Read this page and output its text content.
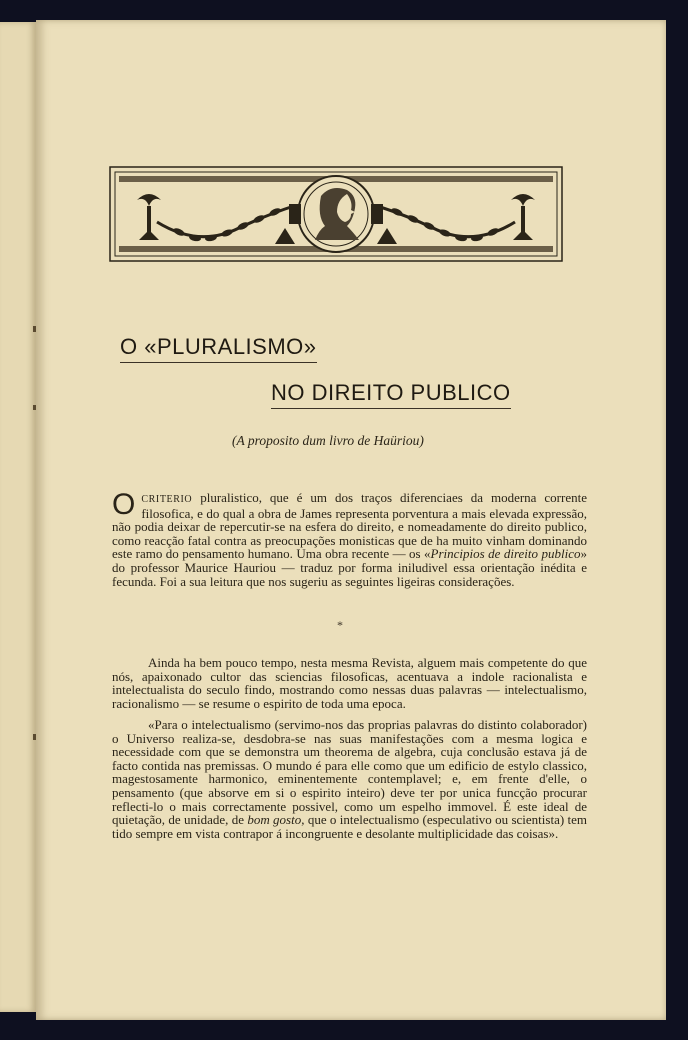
O «PLURALISMO»
NO DIREITO PUBLICO
(A proposito dum livro de Haüriou)
OCRITERIO pluralistico, que é um dos traços diferenciaes da moderna corrente filosofica, e do qual a obra de James representa porventura a mais elevada expressão, não podia deixar de repercutir-se na esfera do direito, e nomeadamente do direito publico, como reacção fatal contra as preocupações monisticas que de ha muito vinham dominando este ramo do pensamento humano. Uma obra recente — os «Principios de direito publico» do professor Maurice Hauriou — traduz por forma iniludivel essa orientação inédita e fecunda. Foi a sua leitura que nos sugeriu as seguintes ligeiras considerações.
*
Ainda ha bem pouco tempo, nesta mesma Revista, alguem mais competente do que nós, apaixonado cultor das sciencias filosoficas, acentuava a indole racionalista e intelectualista do seculo findo, mostrando como nessas duas palavras — intelectualismo, racionalismo — se resume o espirito de toda uma epoca.
«Para o intelectualismo (servimo-nos das proprias palavras do distinto colaborador) o Universo realiza-se, desdobra-se nas suas manifestações com a mesma logica e necessidade com que se demonstra um theorema de algebra, cuja conclusão estava já de facto contida nas premissas. O mundo é para elle como que um edificio de estylo classico, magestosamente harmonico, eminentemente contemplavel; e, em frente d'elle, o pensamento (que absorve em si o espirito inteiro) deve ter por unica funcção procurar reflecti-lo o mais correctamente possivel, como um espelho immovel. É este ideal de quietação, de unidade, de bom gosto, que o intelectualismo (especulativo ou scientista) tem tido sempre em vista contrapor á incongruente e desolante multiplicidade das coisas».
